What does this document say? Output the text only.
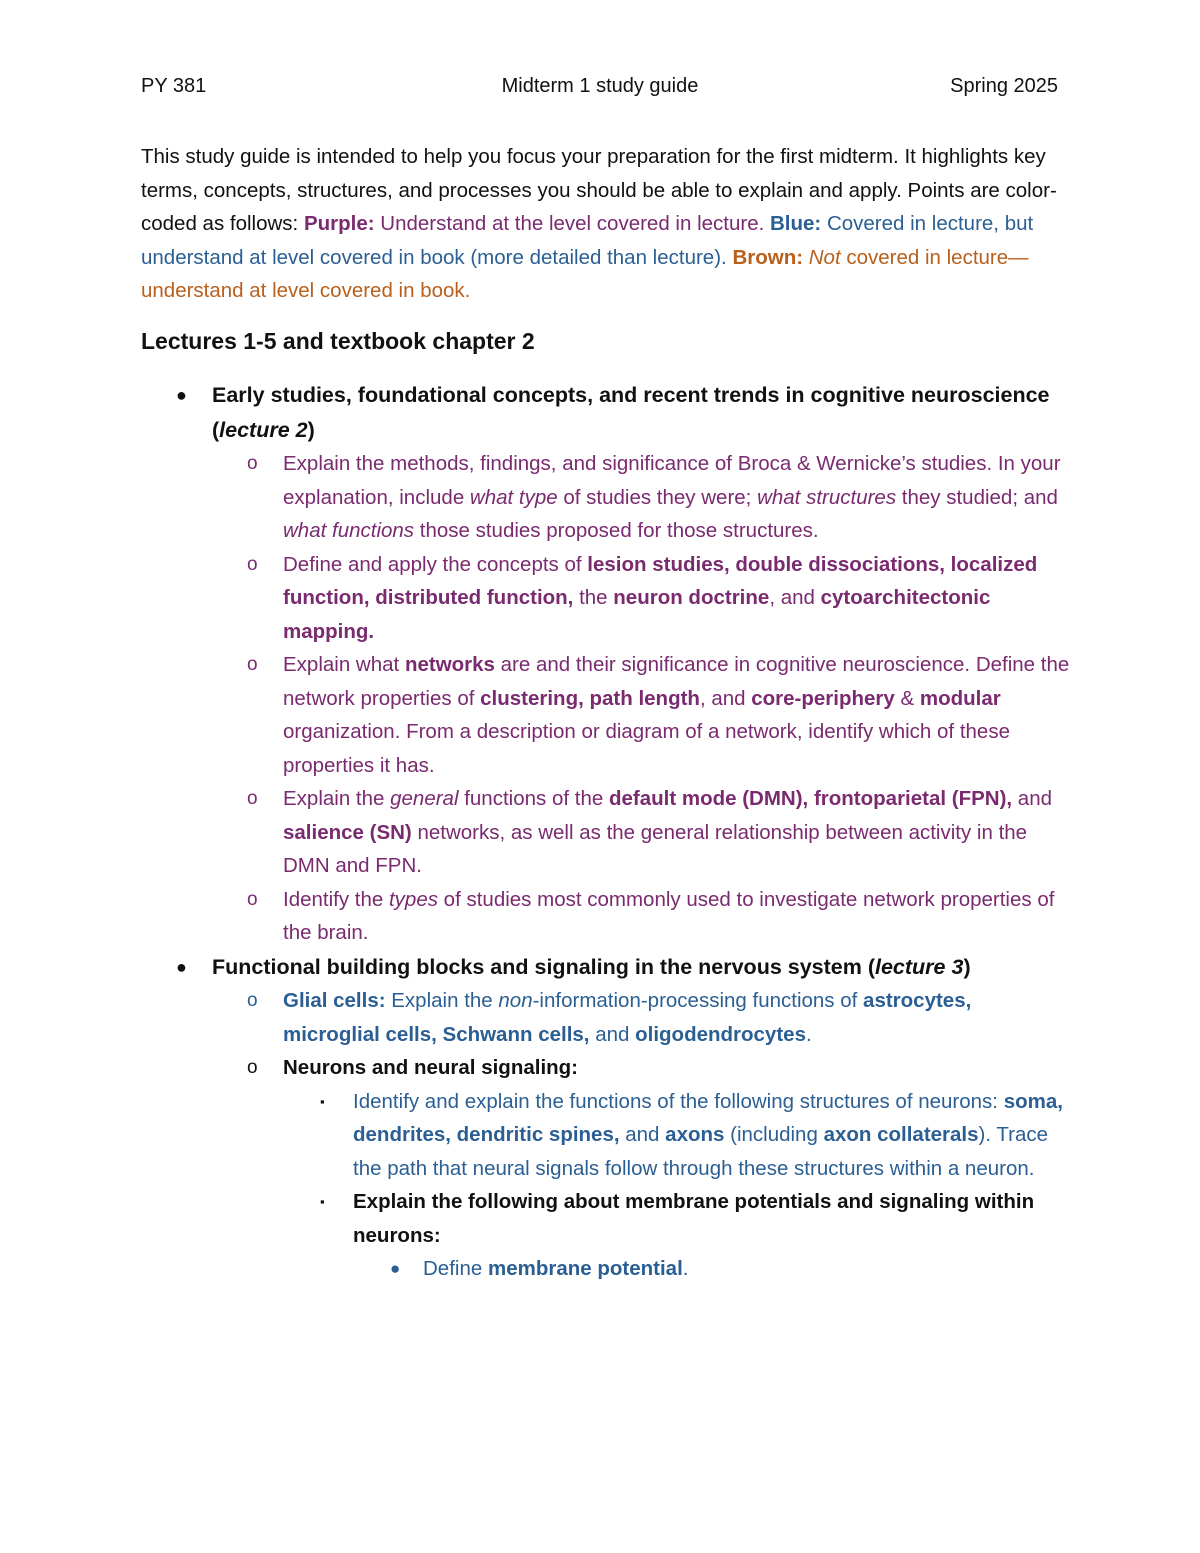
PY 381	Midterm 1 study guide	Spring 2025

This study guide is intended to help you focus your preparation for the first midterm. It highlights key terms, concepts, structures, and processes you should be able to explain and apply. Points are color-coded as follows: Purple: Understand at the level covered in lecture. Blue: Covered in lecture, but understand at level covered in book (more detailed than lecture). Brown: Not covered in lecture—understand at level covered in book.

Lectures 1-5 and textbook chapter 2
● Early studies, foundational concepts, and recent trends in cognitive neuroscience (lecture 2)
o Explain the methods, findings, and significance of Broca & Wernicke’s studies. In your explanation, include what type of studies they were; what structures they studied; and what functions those studies proposed for those structures.
o Define and apply the concepts of lesion studies, double dissociations, localized function, distributed function, the neuron doctrine, and cytoarchitectonic mapping.
o Explain what networks are and their significance in cognitive neuroscience. Define the network properties of clustering, path length, and core-periphery & modular organization. From a description or diagram of a network, identify which of these properties it has.
o Explain the general functions of the default mode (DMN), frontoparietal (FPN), and salience (SN) networks, as well as the general relationship between activity in the DMN and FPN.
o Identify the types of studies most commonly used to investigate network properties of the brain.
● Functional building blocks and signaling in the nervous system (lecture 3)
o Glial cells: Explain the non-information-processing functions of astrocytes, microglial cells, Schwann cells, and oligodendrocytes.
o Neurons and neural signaling:
▪ Identify and explain the functions of the following structures of neurons: soma, dendrites, dendritic spines, and axons (including axon collaterals). Trace the path that neural signals follow through these structures within a neuron.
▪ Explain the following about membrane potentials and signaling within neurons:
● Define membrane potential.
